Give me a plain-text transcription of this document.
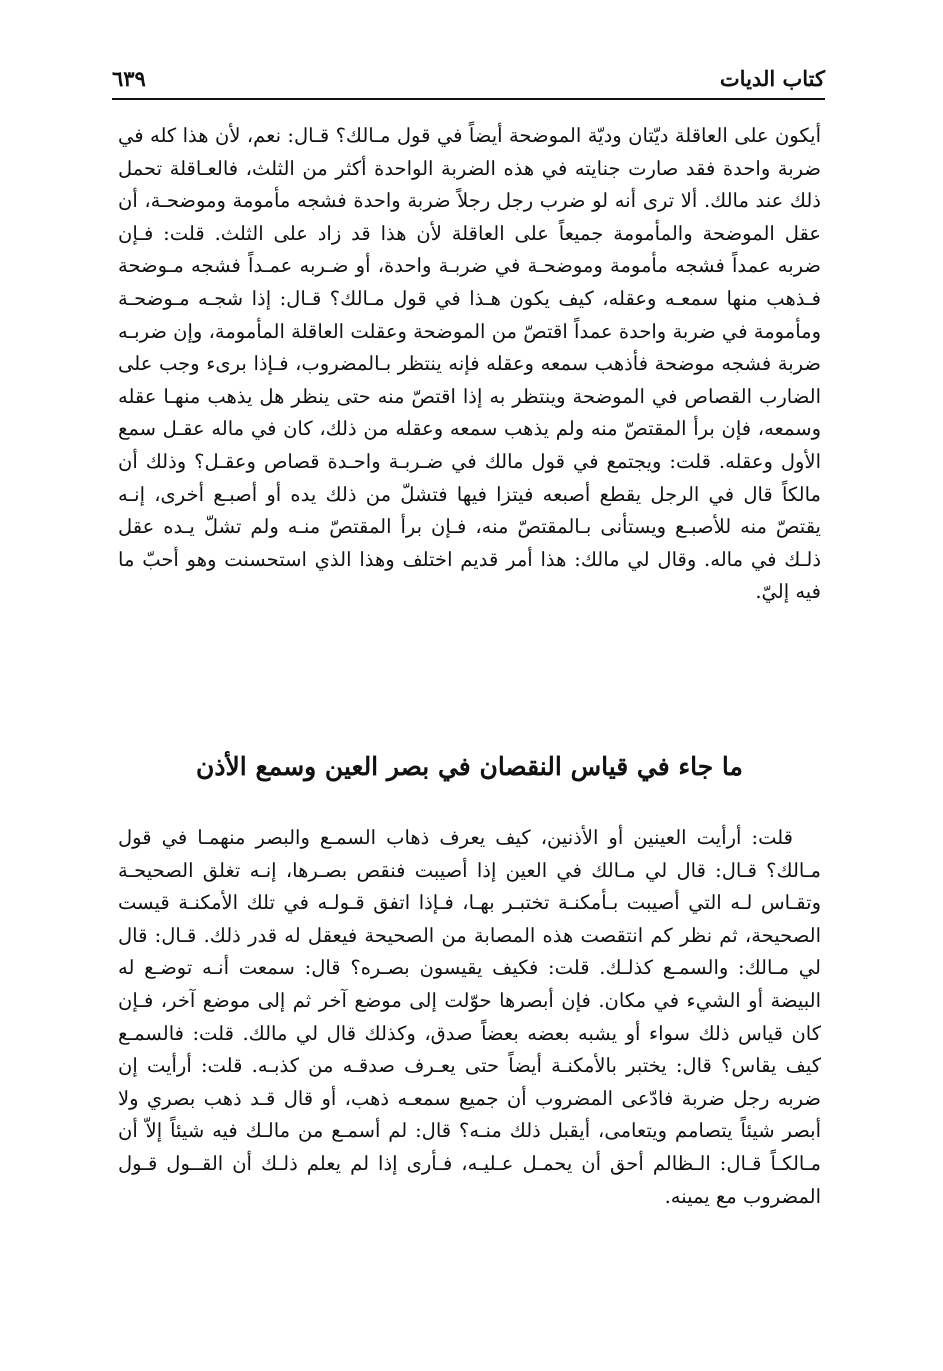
كتاب الديات
٦٣٩

أيكون على العاقلة ديّتان وديّة الموضحة أيضاً في قول مـالك؟ قـال: نعم، لأن هذا كله في ضربة واحدة فقد صارت جنايته في هذه الضربة الواحدة أكثر من الثلث، فالعـاقلة تحمل ذلك عند مالك. ألا ترى أنه لو ضرب رجل رجلاً ضربة واحدة فشجه مأمومة وموضحـة، أن عقل الموضحة والمأمومة جميعاً على العاقلة لأن هذا قد زاد على الثلث. قلت: فـإن ضربه عمداً فشجه مأمومة وموضحـة في ضربـة واحدة، أو ضـربه عمـداً فشجه مـوضحة فـذهب منها سمعـه وعقله، كيف يكون هـذا في قول مـالك؟ قـال: إذا شجـه مـوضحـة ومأمومة في ضربة واحدة عمداً اقتصّ من الموضحة وعقلت العاقلة المأمومة، وإن ضربـه ضربة فشجه موضحة فأذهب سمعه وعقله فإنه ينتظر بـالمضروب، فـإذا برىء وجب على الضارب القصاص في الموضحة وينتظر به إذا اقتصّ منه حتى ينظر هل يذهب منهـا عقله وسمعه، فإن برأ المقتصّ منه ولم يذهب سمعه وعقله من ذلك، كان في ماله عقـل سمع الأول وعقله. قلت: ويجتمع في قول مالك في ضـربـة واحـدة قصاص وعقـل؟ وذلك أن مالكاً قال في الرجل يقطع أصبعه فيتزا فيها فتشلّ من ذلك يده أو أصبـع أخرى، إنـه يقتصّ منه للأصبـع ويستأنى بـالمقتصّ منه، فـإن برأ المقتصّ منـه ولم تشلّ يـده عقل ذلـك في ماله. وقال لي مالك: هذا أمر قديم اختلف وهذا الذي استحسنت وهو أحبّ ما فيه إليّ.

ما جاء في قياس النقصان في بصر العين وسمع الأذن

قلت: أرأيت العينين أو الأذنين، كيف يعرف ذهاب السمـع والبصر منهمـا في قول مـالك؟ قـال: قال لي مـالك في العين إذا أصيبت فنقص بصـرها، إنـه تغلق الصحيحـة وتقـاس لـه التي أصيبت بـأمكنـة تختبـر بهـا، فـإذا اتفق قـولـه في تلك الأمكنـة قيست الصحيحة، ثم نظر كم انتقصت هذه المصابة من الصحيحة فيعقل له قدر ذلك. قـال: قال لي مـالك: والسمـع كذلـك. قلت: فكيف يقيسون بصـره؟ قال: سمعت أنـه توضـع له البيضة أو الشيء في مكان. فإن أبصرها حوّلت إلى موضع آخر ثم إلى موضع آخر، فـإن كان قياس ذلك سواء أو يشبه بعضه بعضاً صدق، وكذلك قال لي مالك. قلت: فالسمـع كيف يقاس؟ قال: يختبر بالأمكنـة أيضاً حتى يعـرف صدقـه من كذبـه. قلت: أرأيت إن ضربه رجل ضربة فادّعى المضروب أن جميع سمعـه ذهب، أو قال قـد ذهب بصري ولا أبصر شيئاً يتصامم ويتعامى، أيقبل ذلك منـه؟ قال: لم أسمـع من مالـك فيه شيئاً إلاّ أن مـالكـاً قـال: الـظالم أحق أن يحمـل عـليـه، فـأرى إذا لم يعلم ذلـك أن القــول قـول المضروب مع يمينه.
